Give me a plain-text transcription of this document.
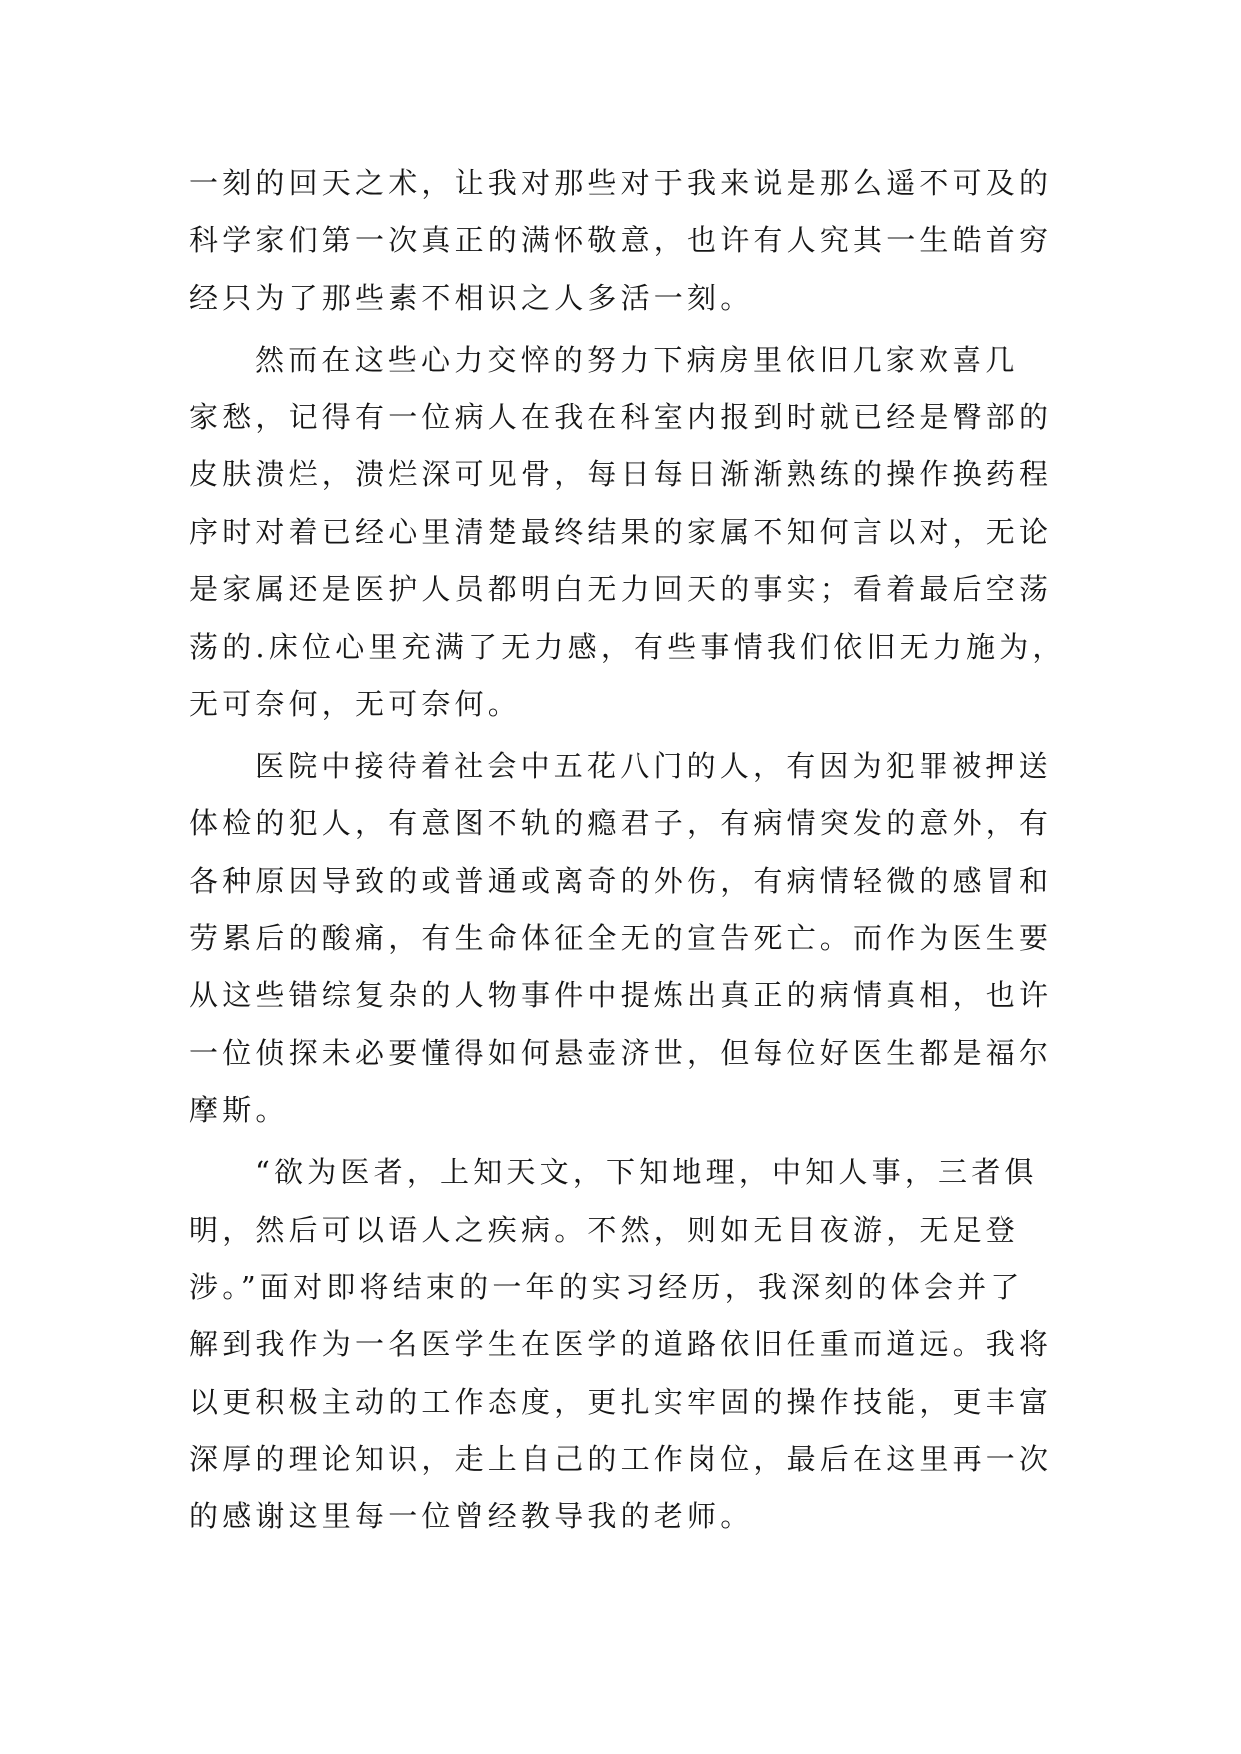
一刻的回天之术，让我对那些对于我来说是那么遥不可及的
科学家们第一次真正的满怀敬意，也许有人究其一生皓首穷
经只为了那些素不相识之人多活一刻。
然而在这些心力交悴的努力下病房里依旧几家欢喜几
家愁，记得有一位病人在我在科室内报到时就已经是臀部的
皮肤溃烂，溃烂深可见骨，每日每日渐渐熟练的操作换药程
序时对着已经心里清楚最终结果的家属不知何言以对，无论
是家属还是医护人员都明白无力回天的事实；看着最后空荡
荡的.床位心里充满了无力感，有些事情我们依旧无力施为，
无可奈何，无可奈何。
医院中接待着社会中五花八门的人，有因为犯罪被押送
体检的犯人，有意图不轨的瘾君子，有病情突发的意外，有
各种原因导致的或普通或离奇的外伤，有病情轻微的感冒和
劳累后的酸痛，有生命体征全无的宣告死亡。而作为医生要
从这些错综复杂的人物事件中提炼出真正的病情真相，也许
一位侦探未必要懂得如何悬壶济世，但每位好医生都是福尔
摩斯。
“欲为医者，上知天文，下知地理，中知人事，三者俱
明，然后可以语人之疾病。不然，则如无目夜游，无足登
涉。”面对即将结束的一年的实习经历，我深刻的体会并了
解到我作为一名医学生在医学的道路依旧任重而道远。我将
以更积极主动的工作态度，更扎实牢固的操作技能，更丰富
深厚的理论知识，走上自己的工作岗位，最后在这里再一次
的感谢这里每一位曾经教导我的老师。
